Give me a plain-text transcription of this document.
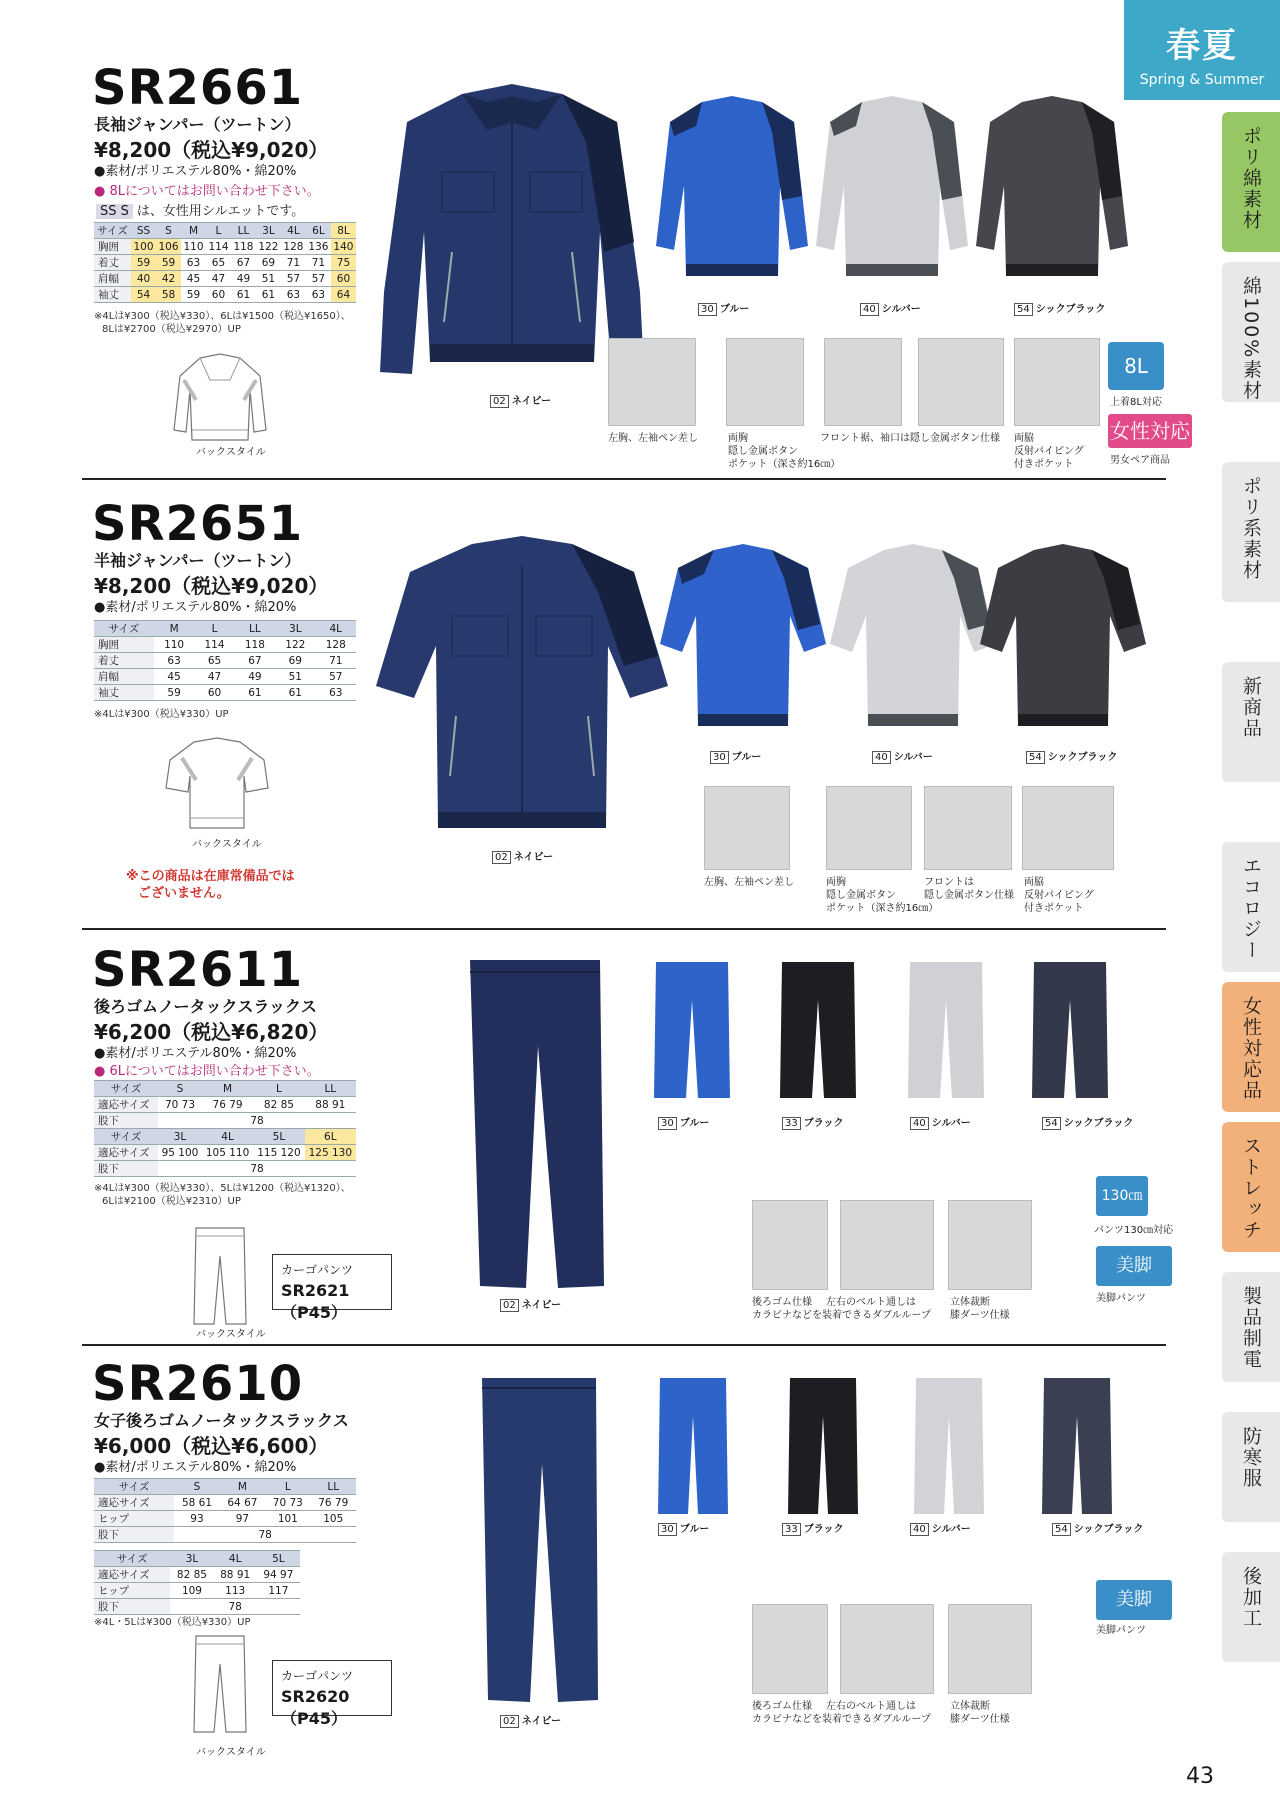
春夏
Spring & Summer
ポリ綿素材
綿100%素材
ポリ系素材
新商品
エコロジー
女性対応品
ストレッチ
製品制電
防寒服
後加工
SR2661
長袖ジャンパー（ツートン）
¥8,200（税込¥9,020）
●素材/ポリエステル80%・綿20%
● 8Lについてはお問い合わせ下さい。
SS S は、女性用シルエットです。
サイズ	SS	S	M	L	LL	3L	4L	6L	8L
胸囲	100	106	110	114	118	122	128	136	140
着丈	59	59	63	65	67	69	71	71	75
肩幅	40	42	45	47	49	51	57	57	60
袖丈	54	58	59	60	61	61	63	63	64
※4Lは¥300（税込¥330）、6Lは¥1500（税込¥1650）、
8Lは¥2700（税込¥2970）UP
バックスタイル
02 ネイビー
30 ブルー	40 シルバー	54 シックブラック
左胸、左袖ペン差し	両胸
隠し金属ボタン
ポケット（深さ約16㎝）
フロント裾、袖口は隠し金属ボタン仕様 両脇
反射パイピング
付きポケット
8L
上着8L対応
女性対応
男女ペア商品
SR2651
半袖ジャンパー（ツートン）
¥8,200（税込¥9,020）
●素材/ポリエステル80%・綿20%
サイズ	M	L	LL	3L	4L
胸囲	110	114	118	122	128
着丈	63	65	67	69	71
肩幅	45	47	49	51	57
袖丈	59	60	61	61	63
※4Lは¥300（税込¥330）UP
バックスタイル
※この商品は在庫常備品では
ございません。
02 ネイビー
30 ブルー	40 シルバー	54 シックブラック
左胸、左袖ペン差し	両胸
隠し金属ボタン
ポケット（深さ約16㎝）
フロントは
隠し金属ボタン仕様
両脇
反射パイピング
付きポケット
SR2611
後ろゴムノータックスラックス
¥6,200（税込¥6,820）
●素材/ポリエステル80%・綿20%
● 6Lについてはお問い合わせ下さい。
サイズ	S	M	L	LL
適応サイズ	70 73	76 79	82 85	88 91
股下	78			
サイズ	3L	4L	5L	6L
適応サイズ	95 100	105 110	115 120	125 130
股下	78			
※4Lは¥300（税込¥330）、5Lは¥1200（税込¥1320）、
6Lは¥2100（税込¥2310）UP
バックスタイル
カーゴパンツ
SR2621（P45）	02 ネイビー
30 ブルー	33 ブラック	40 シルバー	54 シックブラック
後ろゴム仕様 左右のベルト通しは
カラビナなどを装着できるダブルループ
立体裁断
膝ダーツ仕様
130㎝
パンツ130㎝対応
美脚
美脚パンツ
SR2610
女子後ろゴムノータックスラックス
¥6,000（税込¥6,600）
●素材/ポリエステル80%・綿20%
サイズ	S	M	L	LL
適応サイズ	58 61	64 67	70 73	76 79
ヒップ	93	97	101	105
股下	78			
サイズ	3L	4L	5L
適応サイズ	82 85	88 91	94 97
ヒップ	109	113	117
股下	78		
※4L・5Lは¥300（税込¥330）UP
バックスタイル
カーゴパンツ
SR2620（P45）	02 ネイビー
30 ブルー	33 ブラック	40 シルバー	54 シックブラック
後ろゴム仕様 左右のベルト通しは
カラビナなどを装着できるダブルループ
立体裁断
膝ダーツ仕様
美脚
美脚パンツ
43
